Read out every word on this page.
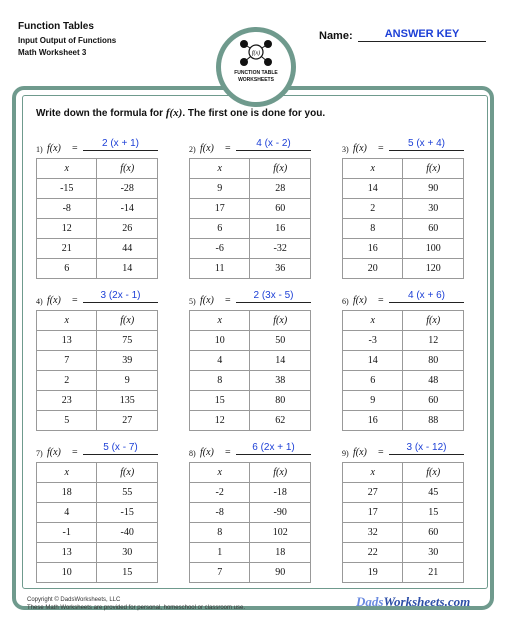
Function Tables
Input Output of Functions
Math Worksheet 3
Name:	ANSWER KEY
f(x)
FUNCTION TABLE
WORKSHEETS
Write down the formula for f(x). The first one is done for you.
1) f(x) =	2 (x + 1)
x	f(x)
-15	-28
-8	-14
12	26
21	44
6	14
2) f(x) =	4 (x - 2)
x	f(x)
9	28
17	60
6	16
-6	-32
11	36
3) f(x) =	5 (x + 4)
x	f(x)
14	90
2	30
8	60
16	100
20	120
4) f(x) =	3 (2x - 1)
x	f(x)
13	75
7	39
2	9
23	135
5	27
5) f(x) =	2 (3x - 5)
x	f(x)
10	50
4	14
8	38
15	80
12	62
6) f(x) =	4 (x + 6)
x	f(x)
-3	12
14	80
6	48
9	60
16	88
7) f(x) =	5 (x - 7)
x	f(x)
18	55
4	-15
-1	-40
13	30
10	15
8) f(x) =	6 (2x + 1)
x	f(x)
-2	-18
-8	-90
8	102
1	18
7	90
9) f(x) =	3 (x - 12)
x	f(x)
27	45
17	15
32	60
22	30
19	21
Copyright © DadsWorksheets, LLC
These Math Worksheets are provided for personal, homeschool or classroom use.	DadsWorksheets.com
